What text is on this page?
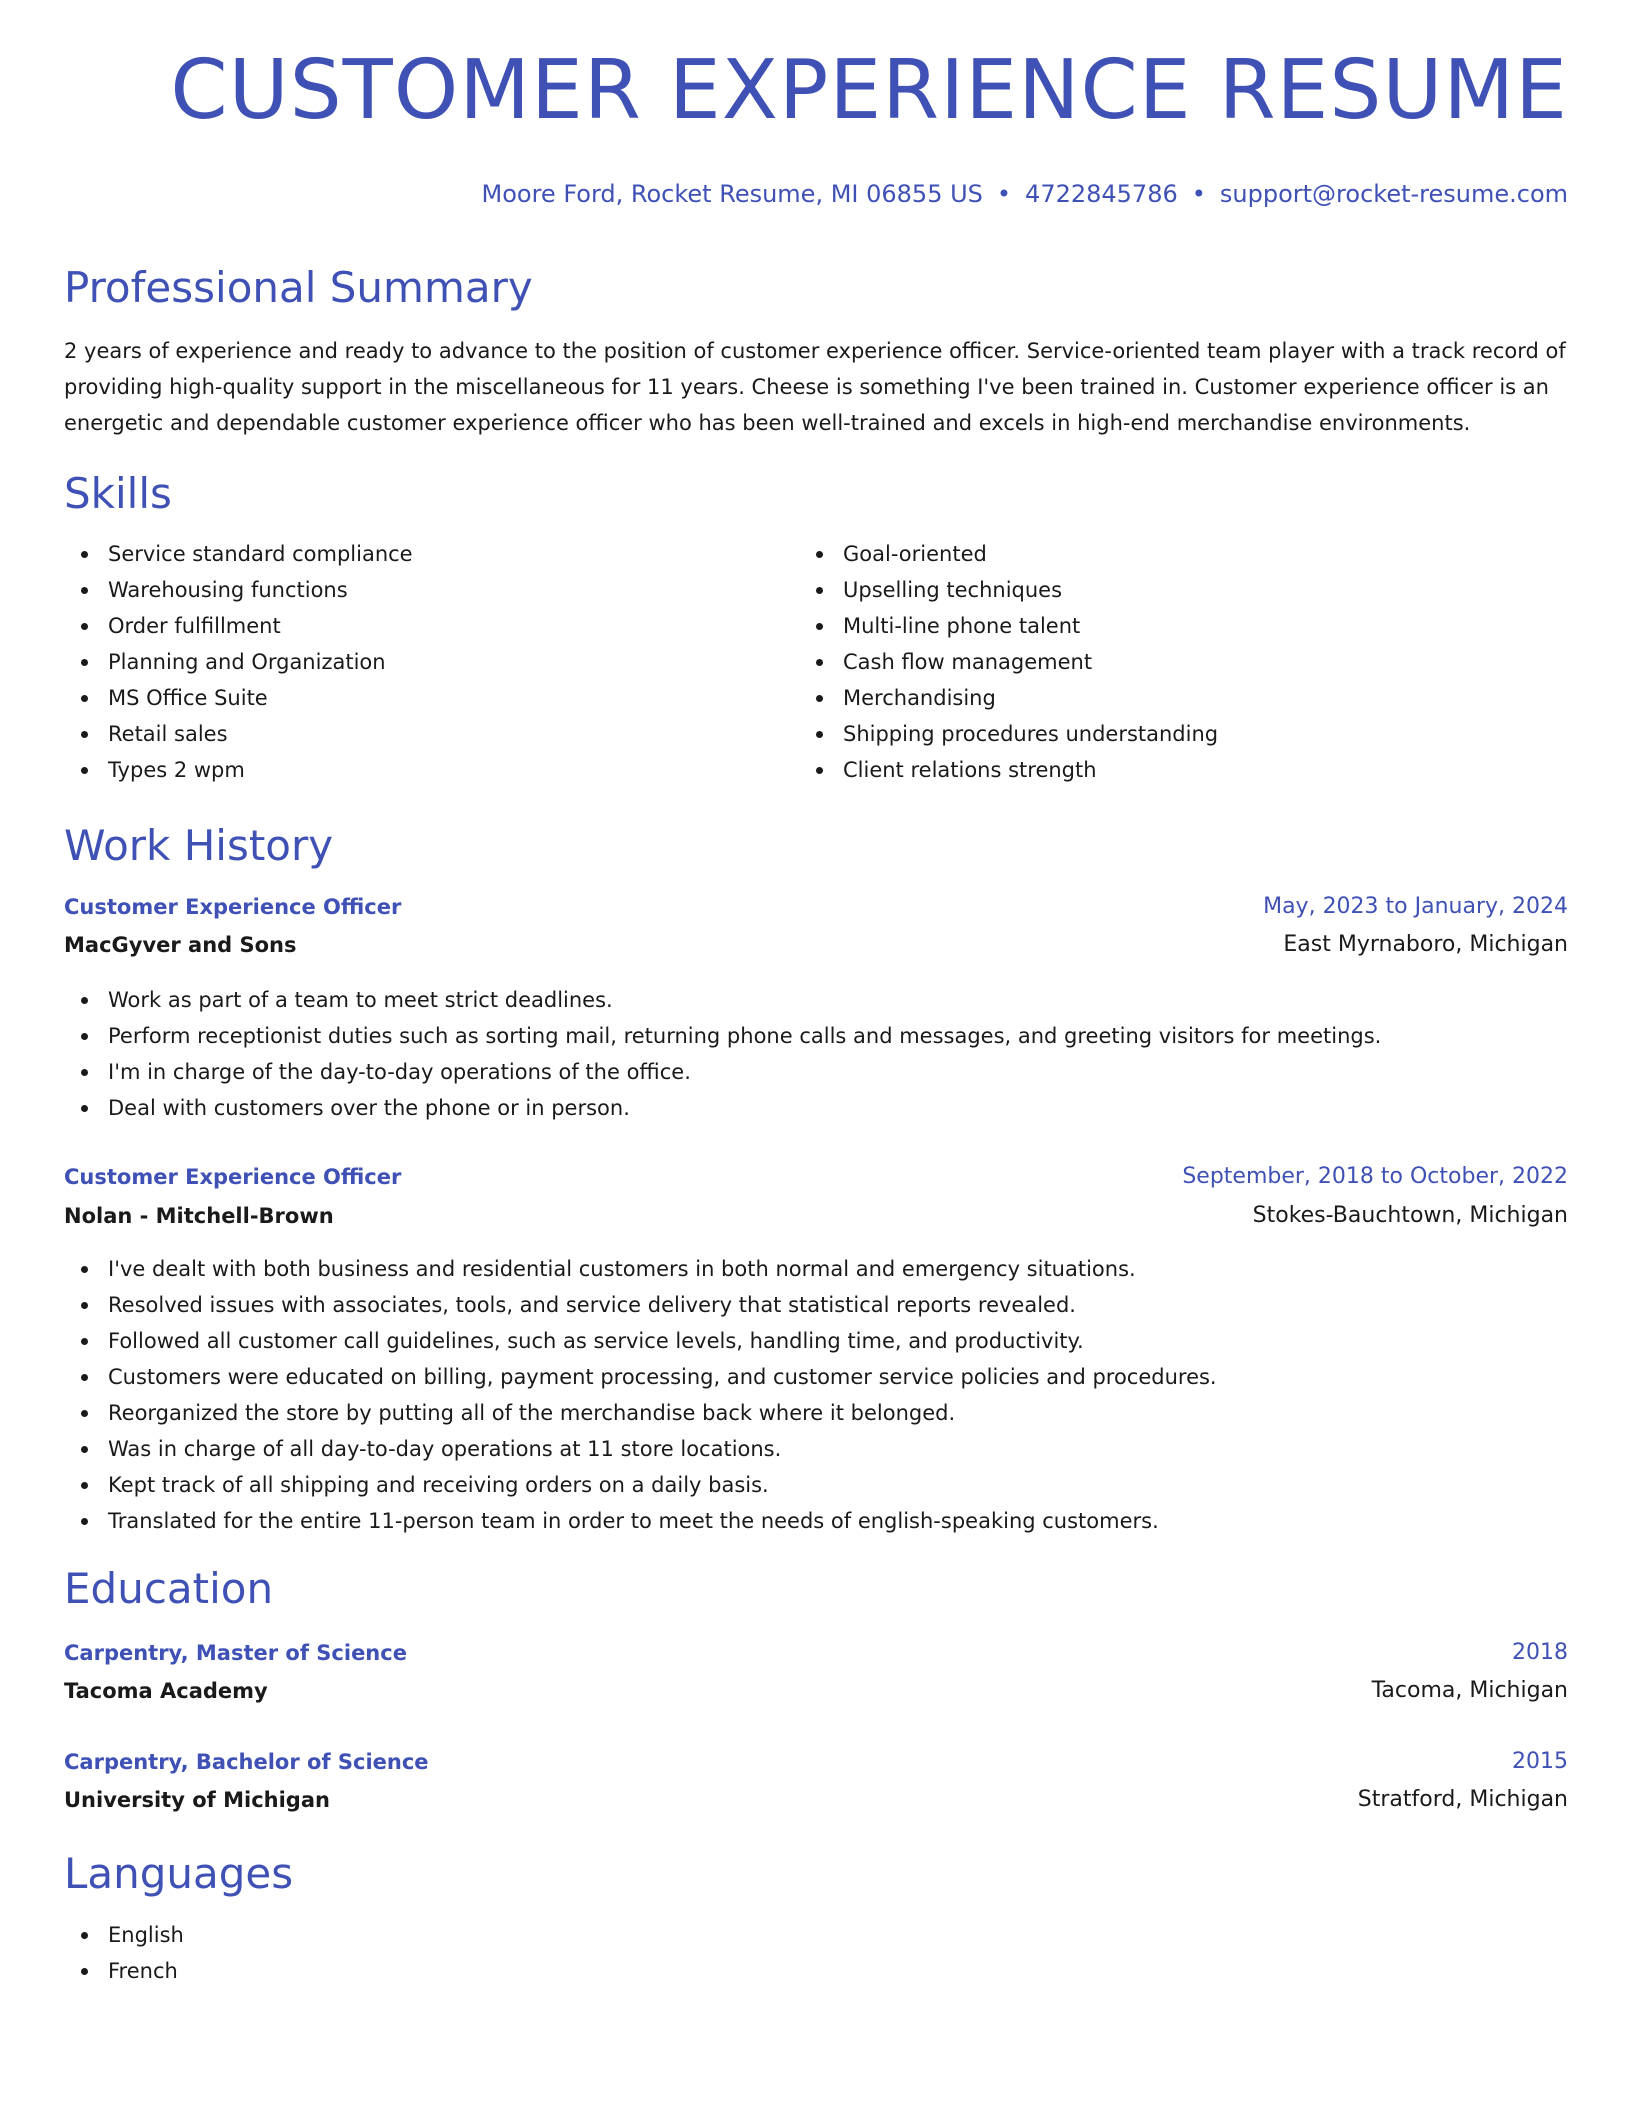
CUSTOMER EXPERIENCE RESUME
Moore Ford, Rocket Resume, MI 06855 US • 4722845786 • support@rocket-resume.com
Professional Summary

2 years of experience and ready to advance to the position of customer experience officer. Service-oriented team player with a track record of providing high-quality support in the miscellaneous for 11 years. Cheese is something I've been trained in. Customer experience officer is an energetic and dependable customer experience officer who has been well-trained and excels in high-end merchandise environments.

Skills
Service standard compliance
Warehousing functions
Order fulfillment
Planning and Organization
MS Office Suite
Retail sales
Types 2 wpm
Goal-oriented
Upselling techniques
Multi-line phone talent
Cash flow management
Merchandising
Shipping procedures understanding
Client relations strength
Work History
Customer Experience Officer	May, 2023 to January, 2024
MacGyver and Sons	East Myrnaboro, Michigan
Work as part of a team to meet strict deadlines.
Perform receptionist duties such as sorting mail, returning phone calls and messages, and greeting visitors for meetings.
I'm in charge of the day-to-day operations of the office.
Deal with customers over the phone or in person.
Customer Experience Officer	September, 2018 to October, 2022
Nolan - Mitchell-Brown	Stokes-Bauchtown, Michigan
I've dealt with both business and residential customers in both normal and emergency situations.
Resolved issues with associates, tools, and service delivery that statistical reports revealed.
Followed all customer call guidelines, such as service levels, handling time, and productivity.
Customers were educated on billing, payment processing, and customer service policies and procedures.
Reorganized the store by putting all of the merchandise back where it belonged.
Was in charge of all day-to-day operations at 11 store locations.
Kept track of all shipping and receiving orders on a daily basis.
Translated for the entire 11-person team in order to meet the needs of english-speaking customers.
Education
Carpentry, Master of Science	2018
Tacoma Academy	Tacoma, Michigan
Carpentry, Bachelor of Science	2015
University of Michigan	Stratford, Michigan
Languages
English
French
